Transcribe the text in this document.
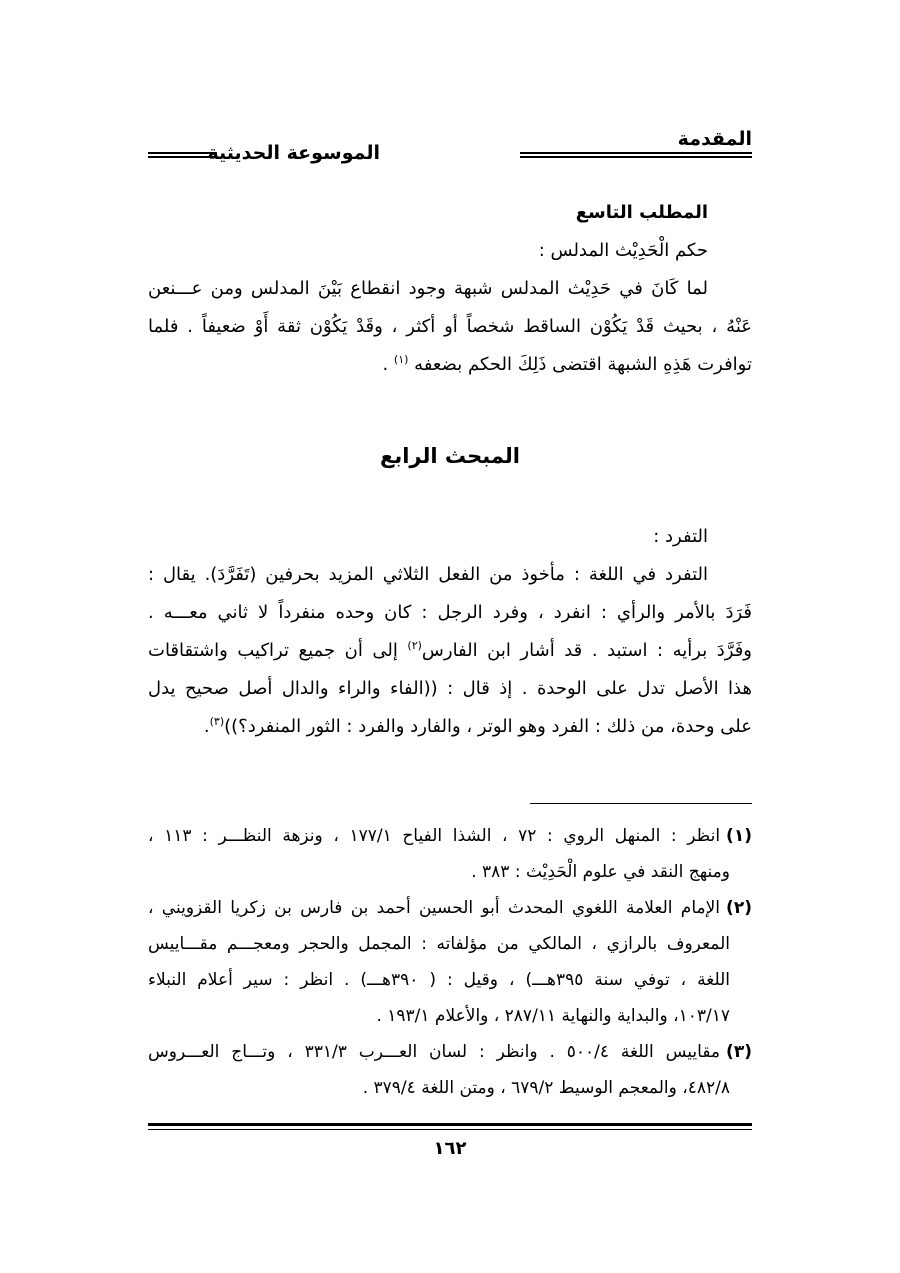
المقدمة
الموسوعة الحديثية
المطلب التاسع
حكم الْحَدِيْث المدلس :
لما كَانَ في حَدِيْث المدلس شبهة وجود انقطاع بَيْنَ المدلس ومن عـــنعن
عَنْهُ ، بحيث قَدْ يَكُوْن الساقط شخصاً أو أكثر ، وقَدْ يَكُوْن ثقة أَوْ ضعيفاً . فلما
توافرت هَذِهِ الشبهة اقتضى ذَلِكَ الحكم بضعفه‏ $^{(١)}$ .
المبحث الرابع
التفرد :
التفرد في اللغة : مأخوذ من الفعل الثلاثي المزيد بحرفين (تَفَرَّدَ). يقال :
فَرَدَ بالأمر والرأي : انفرد ، وفرد الرجل : كان وحده منفرداً لا ثاني معـــه .
وفَرَّدَ برأيه : استبد . قد أشار ابن الفارس$^{(٢)}$ إلى أن جميع تراكيب واشتقاقات
هذا الأصل تدل على الوحدة . إذ قال : ((الفاء والراء والدال أصل صحيح يدل
على وحدة، من ذلك : الفرد وهو الوتر ، والفارد والفرد : الثور المنفرد؟))$^{(٣)}$.
(١)انظر : المنهل الروي : ٧٢ ، الشذا الفياح ١٧٧/١ ، ونزهة النظـــر : ١١٣ ،
ومنهج النقد في علوم الْحَدِيْث : ٣٨٣ .
(٢)الإمام العلامة اللغوي المحدث أبو الحسين أحمد بن فارس بن زكريا القزويني ،
المعروف بالرازي ، المالكي من مؤلفاته : المجمل والحجر ومعجـــم مقـــاييس
اللغة ، توفي سنة ٣٩٥هـــ) ، وقيل : ( ٣٩٠هـــ) . انظر : سير أعلام النبلاء
١٠٣/١٧، والبداية والنهاية ٢٨٧/١١ ، والأعلام ١٩٣/١ .
(٣)مقاييس اللغة ٥٠٠/٤ . وانظر : لسان العـــرب ٣٣١/٣ ، وتـــاج العـــروس
٤٨٢/٨، والمعجم الوسيط ٦٧٩/٢ ، ومتن اللغة ٣٧٩/٤ .
١٦٢
